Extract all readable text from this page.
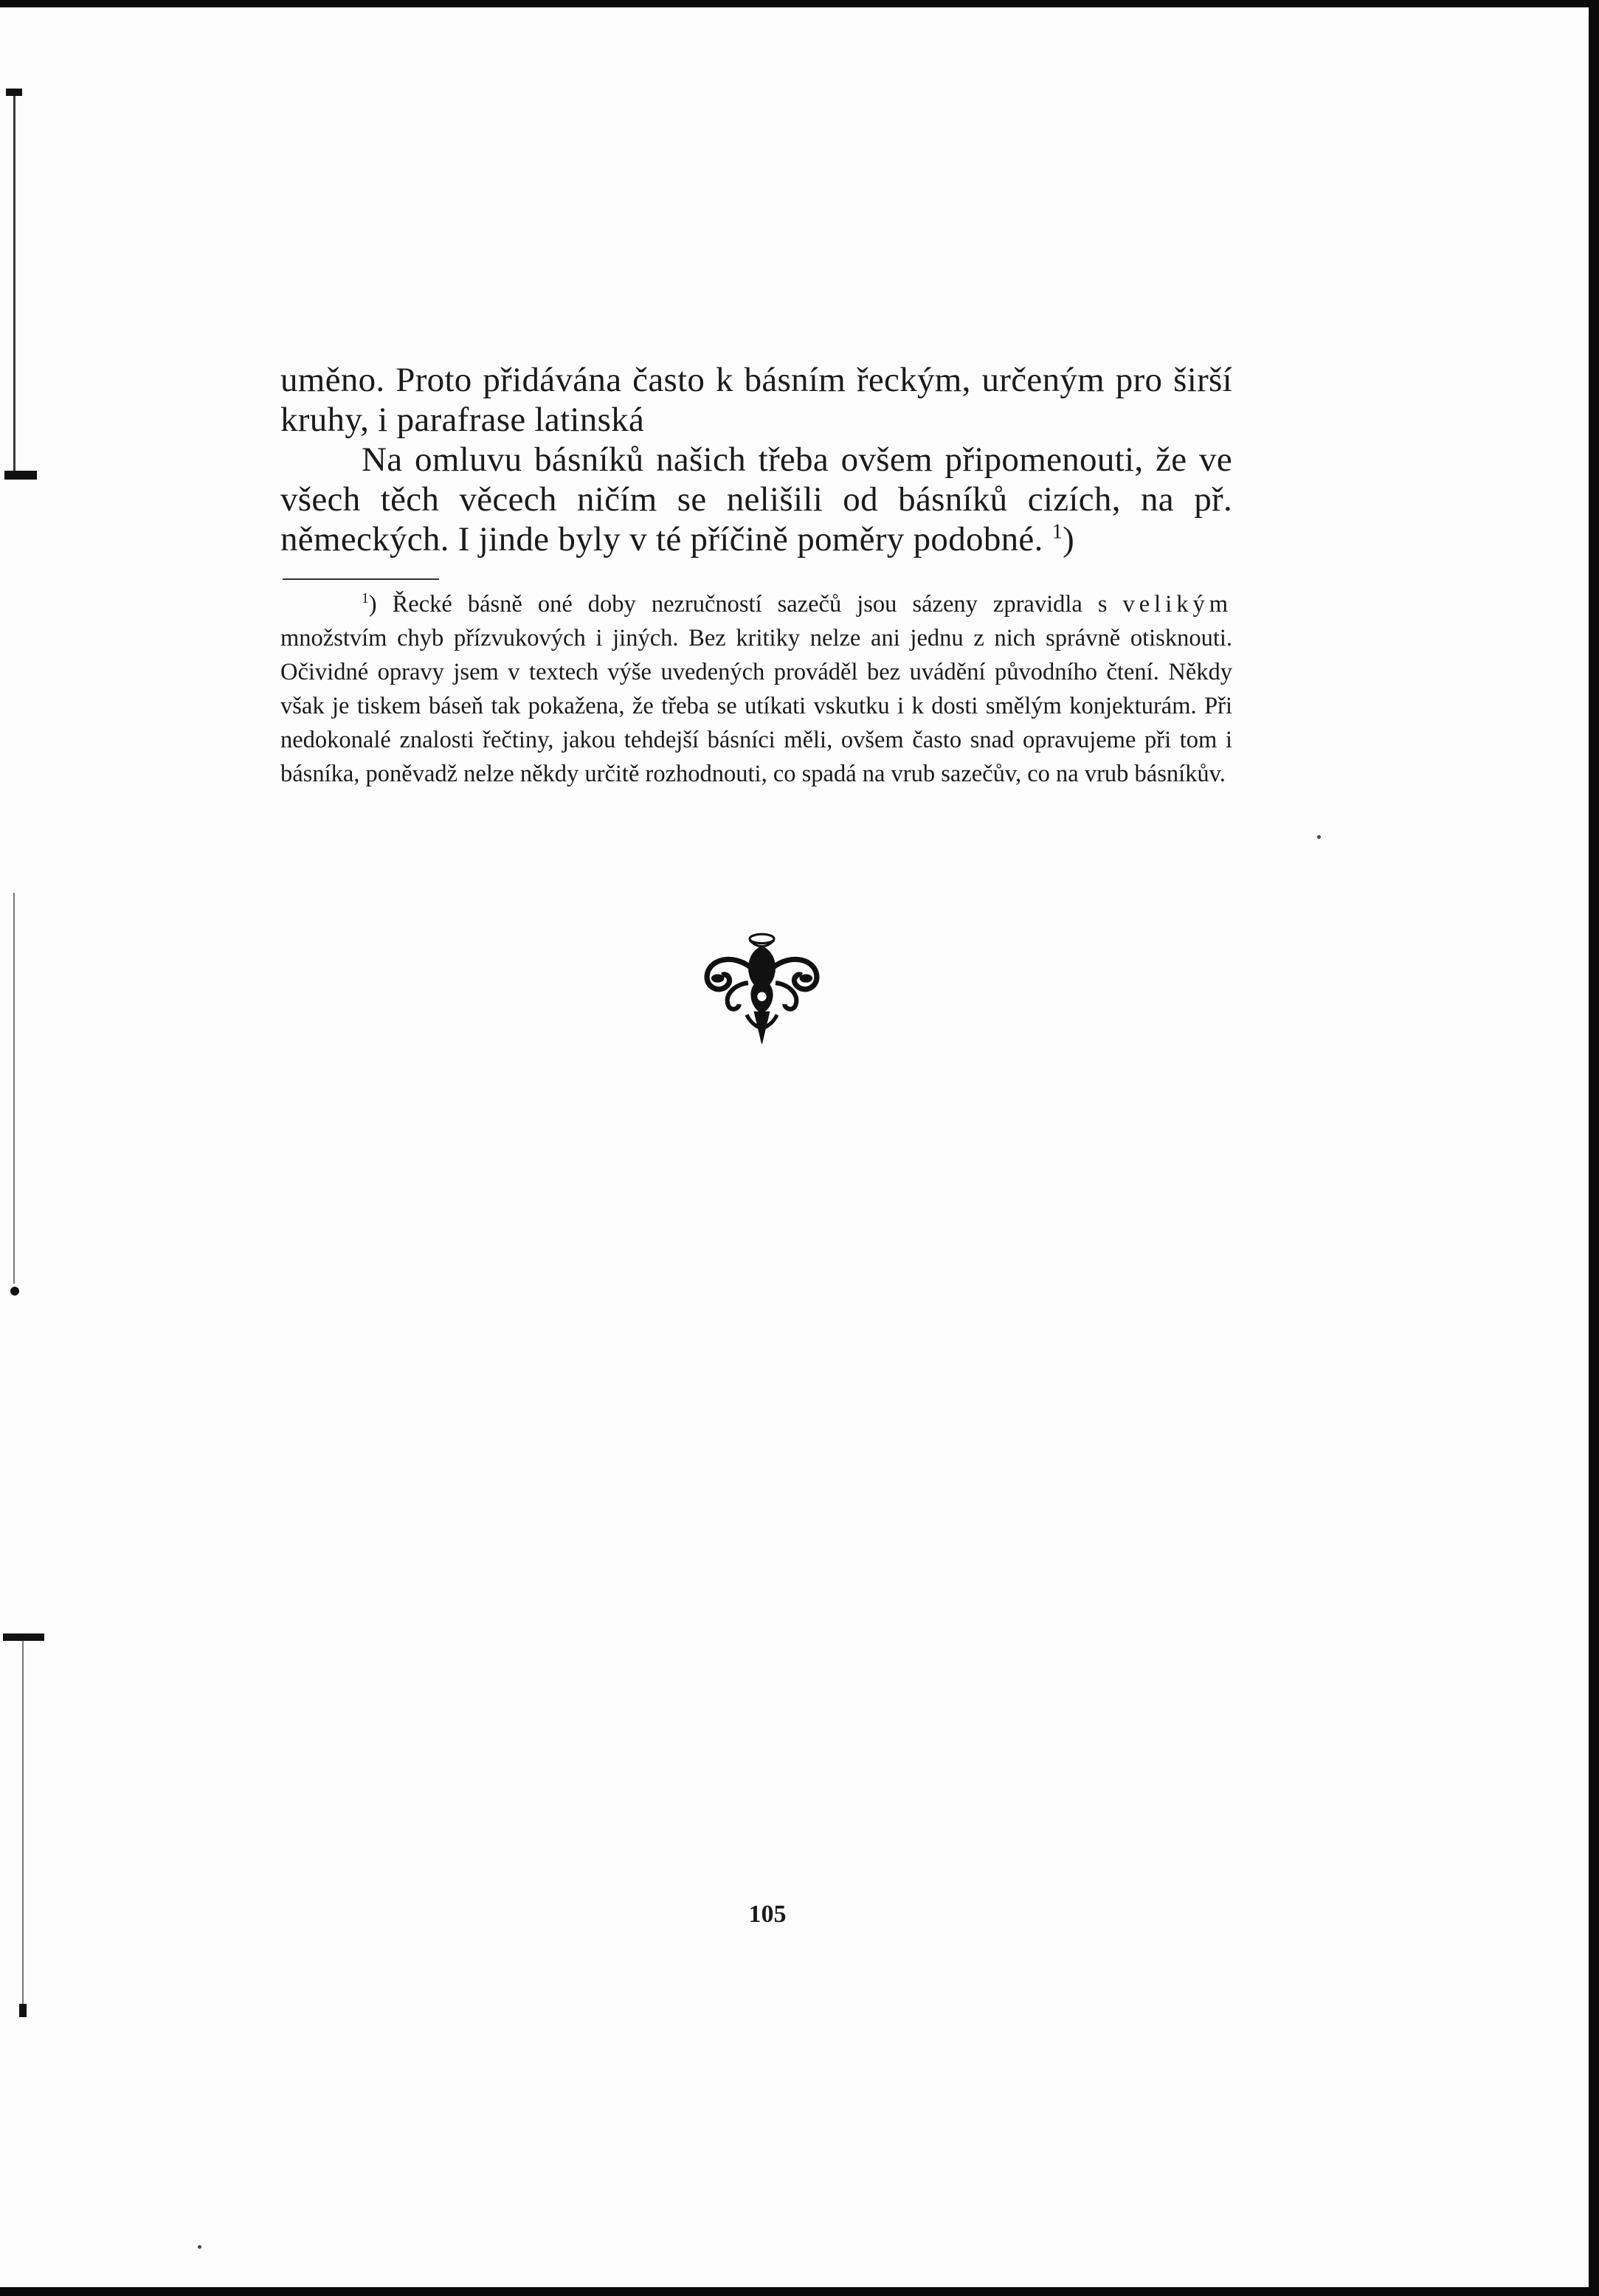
uměno. Proto přidávána často k básním řeckým, určeným pro širší kruhy, i parafrase latinská

Na omluvu básníků našich třeba ovšem připomenouti, že ve všech těch věcech ničím se nelišili od básníků cizích, na př. německých. I jinde byly v té příčině poměry podobné. $^1$)

$^1$) Řecké básně oné doby nezručností sazečů jsou sázeny zpravidla s velikým množstvím chyb přízvukových i jiných. Bez kritiky nelze ani jednu z nich správně otisknouti. Očividné opravy jsem v textech výše uvedených prováděl bez uvádění původního čtení. Někdy však je tiskem báseň tak pokažena, že třeba se utíkati vskutku i k dosti smělým konjekturám. Při nedokonalé znalosti řečtiny, jakou tehdejší básníci měli, ovšem často snad opravujeme při tom i básníka, poněvadž nelze někdy určitě rozhodnouti, co spadá na vrub sazečův, co na vrub básníkův.
105
